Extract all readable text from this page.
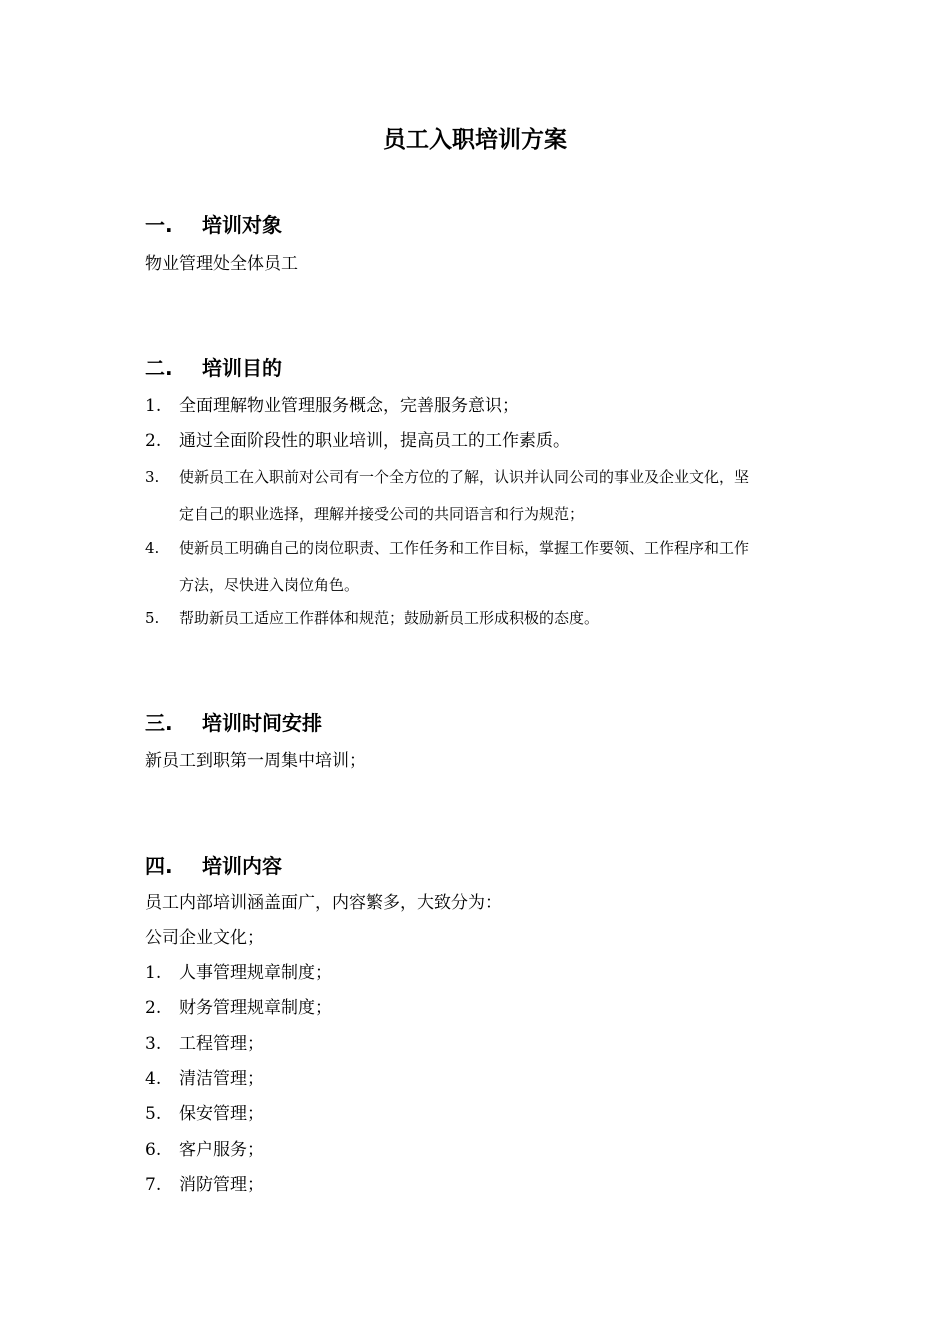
员工入职培训方案
一. 培训对象
物业管理处全体员工
二. 培训目的
1. 全面理解物业管理服务概念，完善服务意识；
2. 通过全面阶段性的职业培训，提高员工的工作素质。
3. 使新员工在入职前对公司有一个全方位的了解，认识并认同公司的事业及企业文化，坚
定自己的职业选择，理解并接受公司的共同语言和行为规范；
4. 使新员工明确自己的岗位职责、工作任务和工作目标，掌握工作要领、工作程序和工作
方法，尽快进入岗位角色。
5. 帮助新员工适应工作群体和规范；鼓励新员工形成积极的态度。
三. 培训时间安排
新员工到职第一周集中培训；
四. 培训内容
员工内部培训涵盖面广，内容繁多，大致分为：
公司企业文化；
1. 人事管理规章制度；
2. 财务管理规章制度；
3. 工程管理；
4. 清洁管理；
5. 保安管理；
6. 客户服务；
7. 消防管理；
